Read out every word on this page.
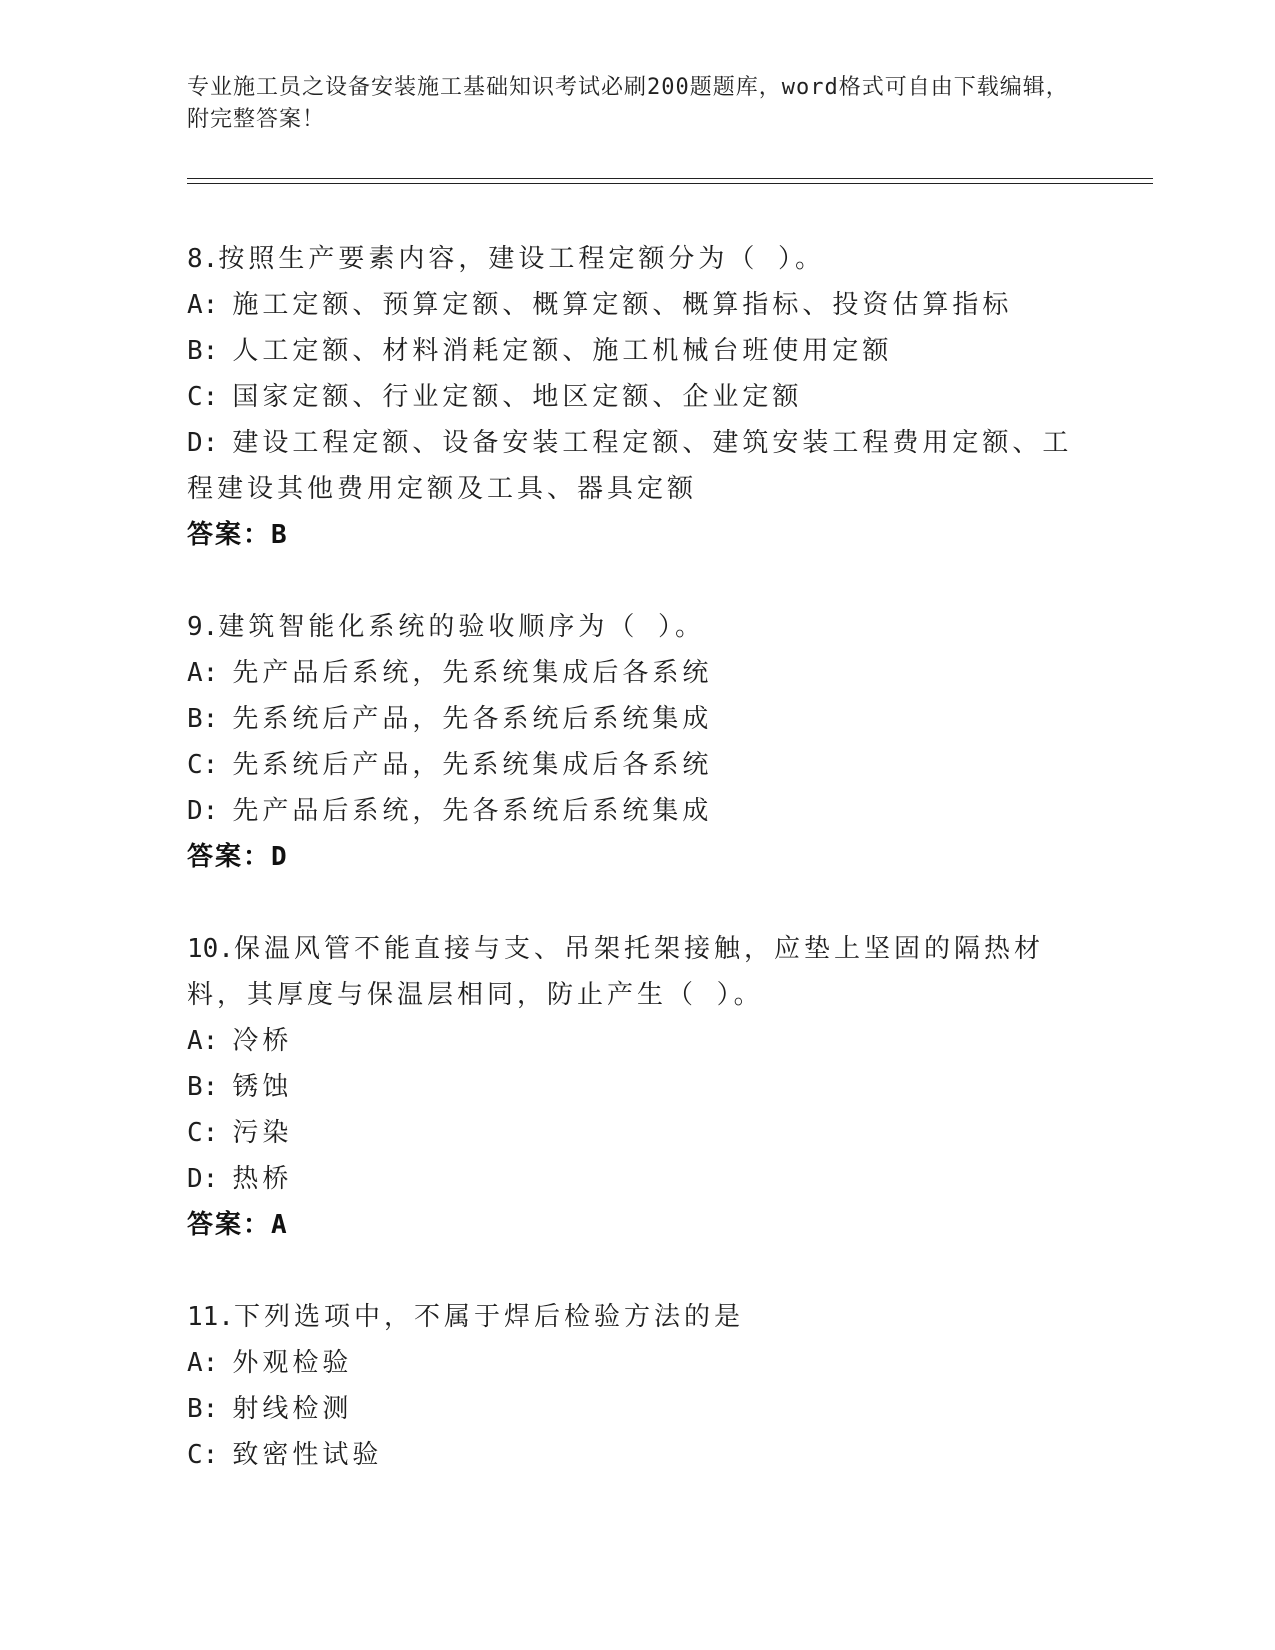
专业施工员之设备安装施工基础知识考试必刷200题题库，word格式可自由下载编辑，附完整答案！

8.按照生产要素内容，建设工程定额分为（ ）。

A: 施工定额、预算定额、概算定额、概算指标、投资估算指标

B: 人工定额、材料消耗定额、施工机械台班使用定额

C: 国家定额、行业定额、地区定额、企业定额

D: 建设工程定额、设备安装工程定额、建筑安装工程费用定额、工程建设其他费用定额及工具、器具定额

答案：B

9.建筑智能化系统的验收顺序为（ ）。

A: 先产品后系统，先系统集成后各系统

B: 先系统后产品，先各系统后系统集成

C: 先系统后产品，先系统集成后各系统

D: 先产品后系统，先各系统后系统集成

答案：D

10.保温风管不能直接与支、吊架托架接触，应垫上坚固的隔热材料，其厚度与保温层相同，防止产生（ ）。

A: 冷桥

B: 锈蚀

C: 污染

D: 热桥

答案：A

11.下列选项中，不属于焊后检验方法的是

A: 外观检验

B: 射线检测

C: 致密性试验
